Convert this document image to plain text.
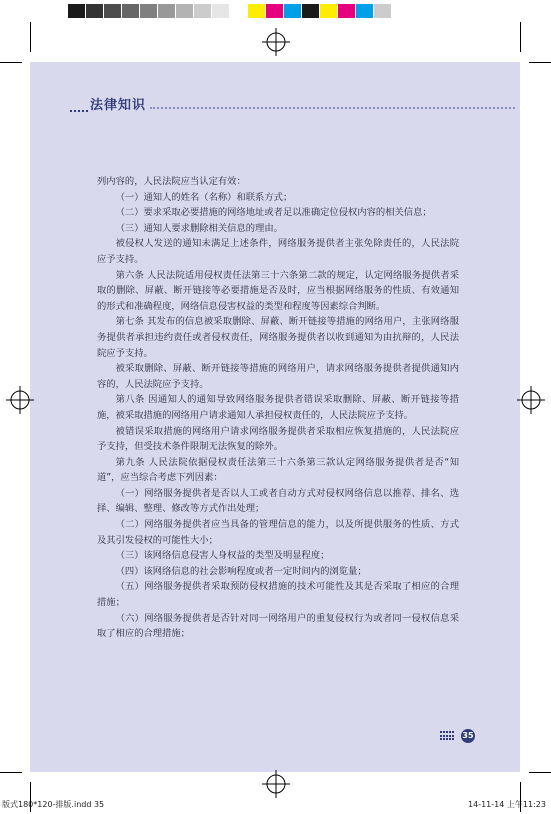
法律知识

列内容的，人民法院应当认定有效：

（一）通知人的姓名（名称）和联系方式；

（二）要求采取必要措施的网络地址或者足以准确定位侵权内容的相关信息；

（三）通知人要求删除相关信息的理由。

被侵权人发送的通知未满足上述条件，网络服务提供者主张免除责任的，人民法院应予支持。

第六条 人民法院适用侵权责任法第三十六条第二款的规定，认定网络服务提供者采取的删除、屏蔽、断开链接等必要措施是否及时，应当根据网络服务的性质、有效通知的形式和准确程度，网络信息侵害权益的类型和程度等因素综合判断。

第七条 其发布的信息被采取删除、屏蔽、断开链接等措施的网络用户，主张网络服务提供者承担违约责任或者侵权责任，网络服务提供者以收到通知为由抗辩的，人民法院应予支持。

被采取删除、屏蔽、断开链接等措施的网络用户，请求网络服务提供者提供通知内容的，人民法院应予支持。

第八条 因通知人的通知导致网络服务提供者错误采取删除、屏蔽、断开链接等措施，被采取措施的网络用户请求通知人承担侵权责任的，人民法院应予支持。

被错误采取措施的网络用户请求网络服务提供者采取相应恢复措施的，人民法院应予支持，但受技术条件限制无法恢复的除外。

第九条 人民法院依据侵权责任法第三十六条第三款认定网络服务提供者是否“知道”，应当综合考虑下列因素：

（一）网络服务提供者是否以人工或者自动方式对侵权网络信息以推荐、排名、选择、编辑、整理、修改等方式作出处理；

（二）网络服务提供者应当具备的管理信息的能力，以及所提供服务的性质、方式及其引发侵权的可能性大小；

（三）该网络信息侵害人身权益的类型及明显程度；

（四）该网络信息的社会影响程度或者一定时间内的浏览量；

（五）网络服务提供者采取预防侵权措施的技术可能性及其是否采取了相应的合理措施；

（六）网络服务提供者是否针对同一网络用户的重复侵权行为或者同一侵权信息采取了相应的合理措施；

35
版式180*120-排版.indd 35	14-11-14 上午11:23
